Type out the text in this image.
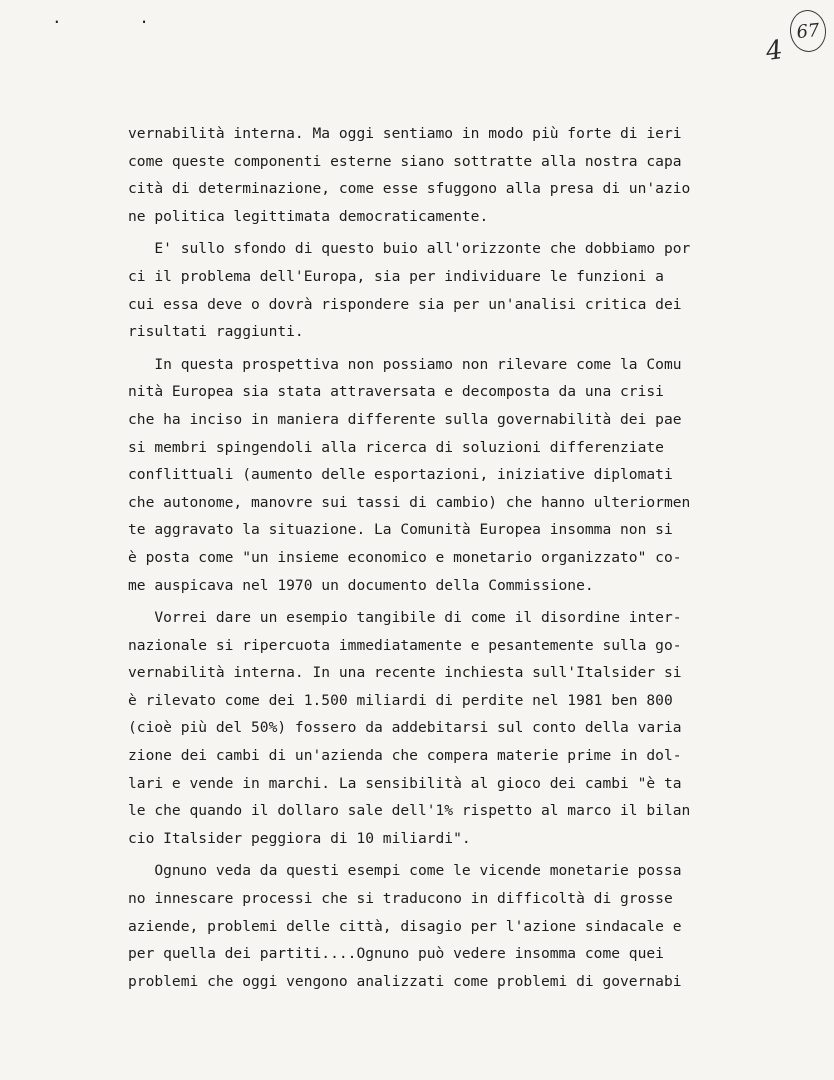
. .
4
67
vernabilità interna. Ma oggi sentiamo in modo più forte di ieri
come queste componenti esterne siano sottratte alla nostra capa
cità di determinazione, come esse sfuggono alla presa di un'azio
ne politica legittimata democraticamente.
E' sullo sfondo di questo buio all'orizzonte che dobbiamo por
ci il problema dell'Europa, sia per individuare le funzioni a
cui essa deve o dovrà rispondere sia per un'analisi critica dei
risultati raggiunti.
In questa prospettiva non possiamo non rilevare come la Comu
nità Europea sia stata attraversata e decomposta da una crisi
che ha inciso in maniera differente sulla governabilità dei pae
si membri spingendoli alla ricerca di soluzioni differenziate
conflittuali (aumento delle esportazioni, iniziative diplomati
che autonome, manovre sui tassi di cambio) che hanno ulteriormen
te aggravato la situazione. La Comunità Europea insomma non si
è posta come "un insieme economico e monetario organizzato" co-
me auspicava nel 1970 un documento della Commissione.
Vorrei dare un esempio tangibile di come il disordine inter-
nazionale si ripercuota immediatamente e pesantemente sulla go-
vernabilità interna. In una recente inchiesta sull'Italsider si
è rilevato come dei 1.500 miliardi di perdite nel 1981 ben 800
(cioè più del 50%) fossero da addebitarsi sul conto della varia
zione dei cambi di un'azienda che compera materie prime in dol-
lari e vende in marchi. La sensibilità al gioco dei cambi "è ta
le che quando il dollaro sale dell'1% rispetto al marco il bilan
cio Italsider peggiora di 10 miliardi".
Ognuno veda da questi esempi come le vicende monetarie possa
no innescare processi che si traducono in difficoltà di grosse
aziende, problemi delle città, disagio per l'azione sindacale e
per quella dei partiti....Ognuno può vedere insomma come quei
problemi che oggi vengono analizzati come problemi di governabi
